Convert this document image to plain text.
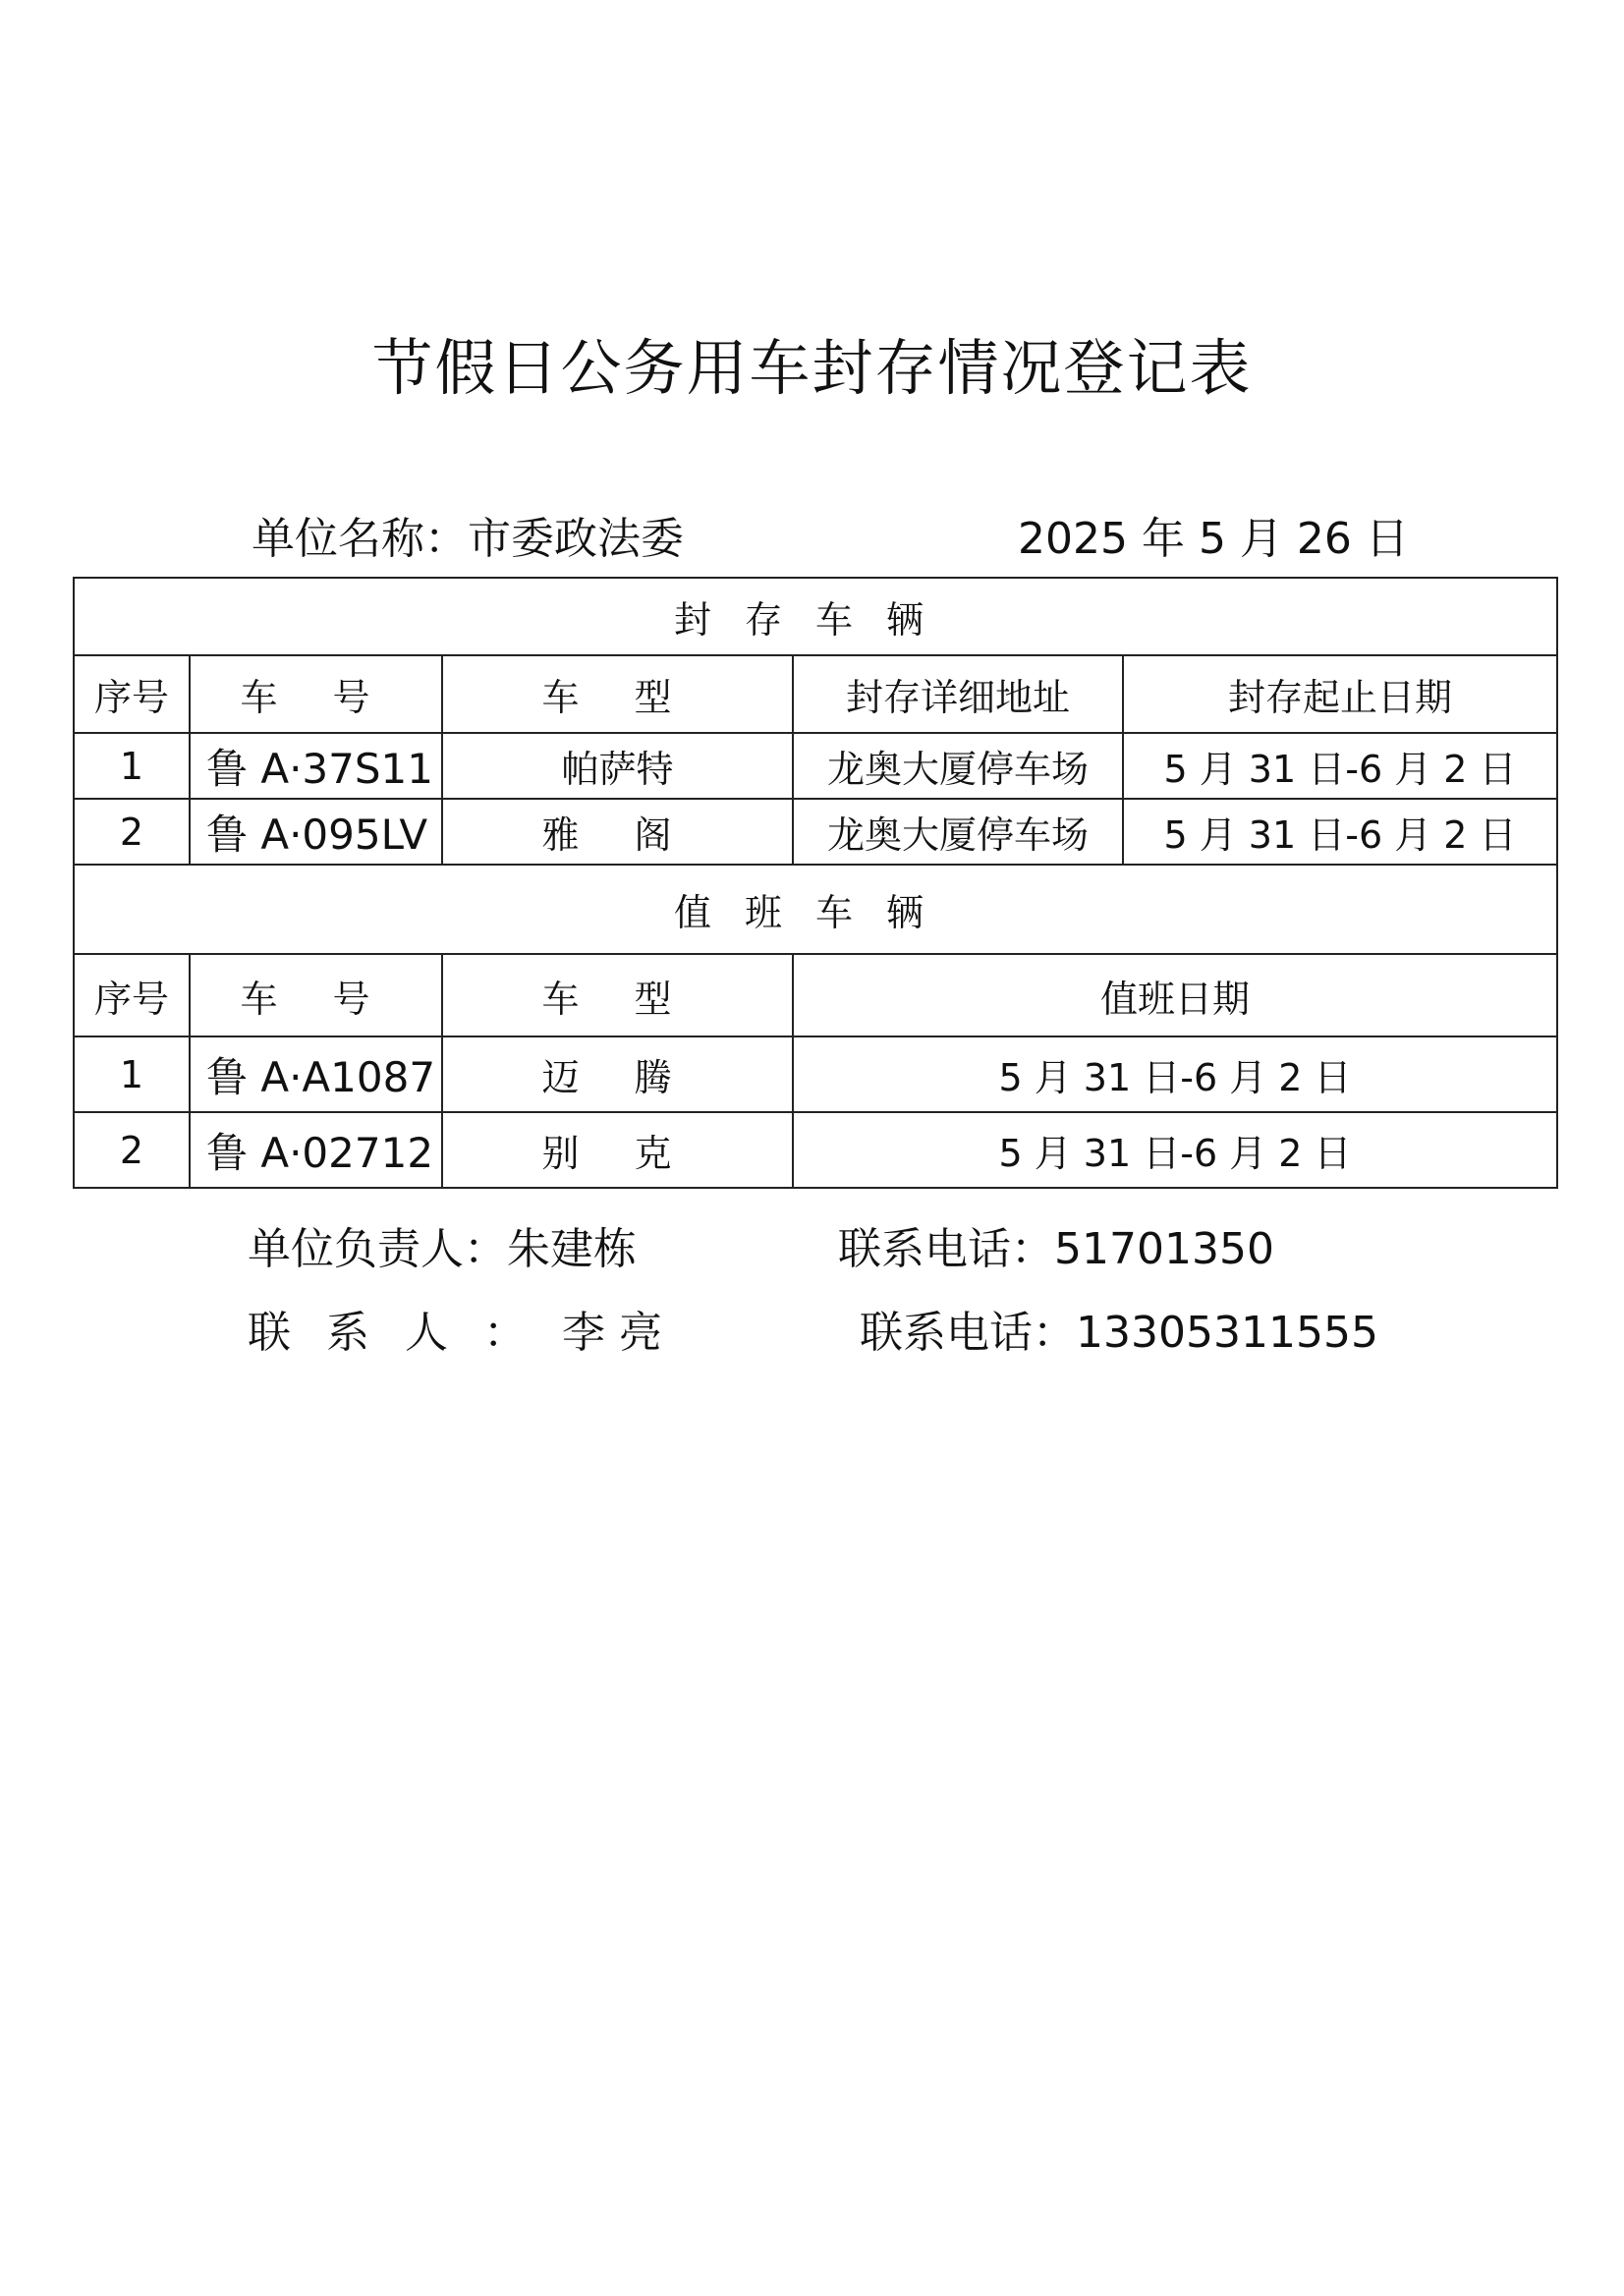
节假日公务用车封存情况登记表
单位名称：市委政法委	2025 年 5 月 26 日
封存车辆				
序号	车 号	车 型	封存详细地址	封存起止日期
1	鲁 A·37S11	帕萨特	龙奥大厦停车场	5 月 31 日-6 月 2 日
2	鲁 A·095LV	雅 阁	龙奥大厦停车场	5 月 31 日-6 月 2 日
值班车辆				
序号	车 号	车 型	值班日期	
1	鲁 A·A1087	迈 腾	5 月 31 日-6 月 2 日	
2	鲁 A·02712	别 克	5 月 31 日-6 月 2 日	
单位负责人：朱建栋	联系电话：51701350
联系人：李 亮	联系电话：13305311555
